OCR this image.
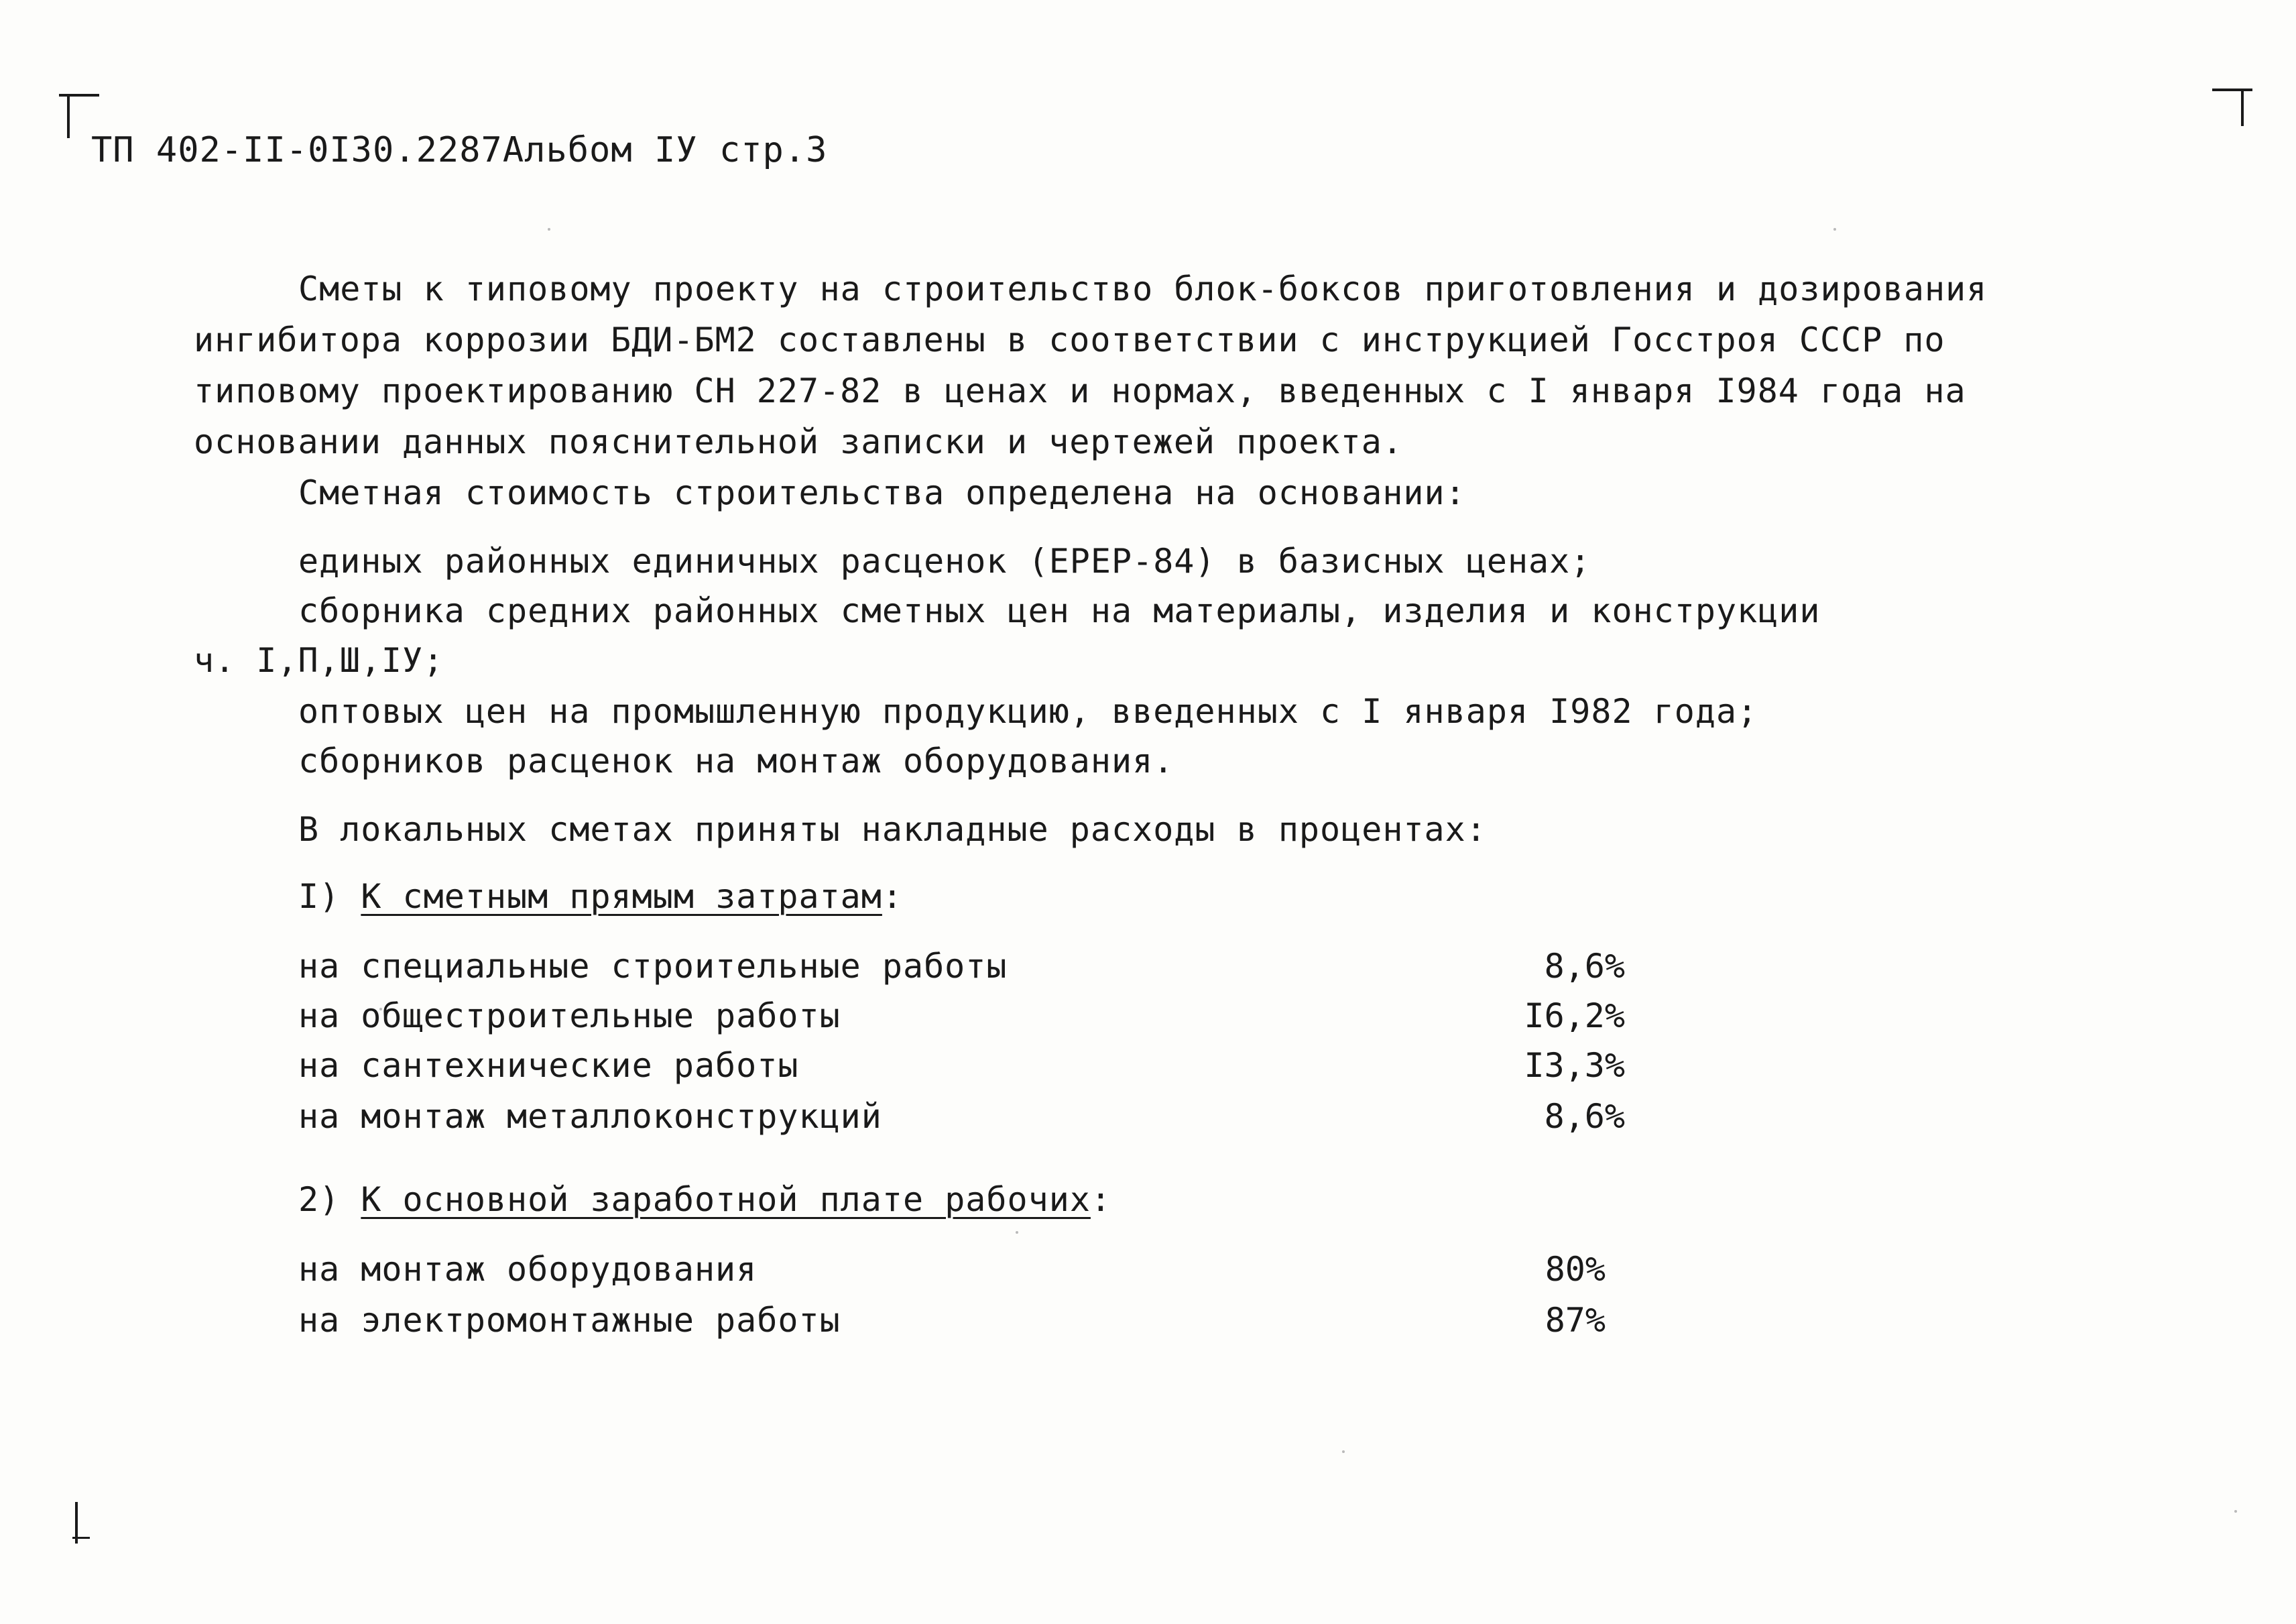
ТП 402-II-0I30.2287Альбом IУ стр.3
Сметы к типовому проекту на строительство блок-боксов приготовления и дозирования
ингибитора коррозии БДИ-БМ2 составлены в соответствии с инструкцией Госстроя СССР по
типовому проектированию СН 227-82 в ценах и нормах, введенных с I января I984 года на
основании данных пояснительной записки и чертежей проекта.
Сметная стоимость строительства определена на основании:
единых районных единичных расценок (ЕРЕР-84) в базисных ценах;
сборника средних районных сметных цен на материалы, изделия и конструкции
ч. I,П,Ш,IУ;
оптовых цен на промышленную продукцию, введенных с I января I982 года;
сборников расценок на монтаж оборудования.
В локальных сметах приняты накладные расходы в процентах:
I) К сметным прямым затратам:
на специальные строительные работы	8,6%
на общестроительные работы	I6,2%
на сантехнические работы	I3,3%
на монтаж металлоконструкций	8,6%
2) К основной заработной плате рабочих:
на монтаж оборудования	80%
на электромонтажные работы	87%
